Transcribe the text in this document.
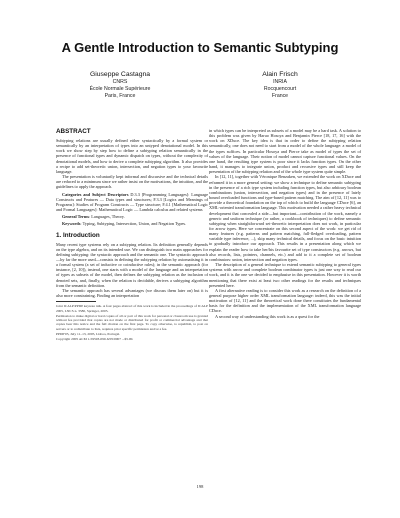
A Gentle Introduction to Semantic Subtyping
Giuseppe Castagna
CNRS
École Normale Supérieure
Paris, France
Alain Frisch
INRIA
Rocquencourt
France
ABSTRACT

Subtyping relations are usually defined either syntactically by a formal system or semantically by an interpretation of types into an untyped denotational model. In this work we show step by step how to define a subtyping relation semantically in the presence of functional types and dynamic dispatch on types, without the complexity of denotational models, and how to derive a complete subtyping algorithm. It also provides a recipe to add set-theoretic union, intersection, and negation types to your favourite language.

The presentation is voluntarily kept informal and discursive and the technical details are reduced to a minimum since we rather insist on the motivations, the intuition, and the guidelines to apply the approach.

Categories and Subject Descriptors D.3.3 [Programming Languages]: Language Constructs and Features — Data types and structures; F.3.3 [Logics and Meanings of Programs]: Studies of Program Constructs — Type structure; F.4.1 [Mathematical Logic and Formal Languages]: Mathematical Logic — Lambda calculus and related systems

General Terms: Languages, Theory.

Keywords: Typing, Subtyping, Intersection, Union, and Negation Types.

1. Introduction

Many recent type systems rely on a subtyping relation. Its definition generally depends on the type algebra, and on its intended use. We can distinguish two main approaches for defining subtyping: the syntactic approach and the semantic one. The syntactic approach—by far the more used—consists in defining the subtyping relation by axiomatising it in a formal system (a set of inductive or coinductive rules); in the semantic approach (for instance, [2, 10]), instead, one starts with a model of the language and an interpretation of types as subsets of the model, then defines the subtyping relation as the inclusion of denoted sets, and, finally, when the relation is decidable, derives a subtyping algorithm from the semantic definition.

The semantic approach has several advantages (we discuss them later on) but it is also more constraining. Finding an interpretation

Joint ICALP/PPDP keynote talk. A four pages abstract of this work is included in the proceedings of ICALP 2005, LNCS n. 3580, Springer, 2005.

Permission to make digital or hard copies of all or part of this work for personal or classroom use is granted without fee provided that copies are not made or distributed for profit or commercial advantage and that copies bear this notice and the full citation on the first page. To copy otherwise, to republish, to post on servers or to redistribute to lists, requires prior specific permission and/or a fee.

PPDP'05, July 11–13, 2005, Lisboa, Portugal.

Copyright 2005 ACM 1-59593-090-6/05/0007 ...$5.00.

in which types can be interpreted as subsets of a model may be a hard task. A solution to this problem was given by Haruo Hosoya and Benjamin Pierce [18, 17, 16] with the work on XDuce. The key idea is that in order to define the subtyping relation semantically, one does not need to start from a model of the whole language: a model of the types suffices. In particular Hosoya and Pierce take as model of types the set of values of the language. Their notion of model cannot capture functional values. On the one hand, the resulting type system is poor since it lacks function types. On the other hand, it manages to integrate union, product and recursive types and still keep the presentation of the subtyping relation and of the whole type system quite simple.

In [12, 11], together with Véronique Benzaken, we extended the work on XDuce and reframed it in a more general setting: we show a technique to define semantic subtyping in the presence of a rich type system including function types, but also arbitrary boolean combinations (union, intersection, and negation types) and in the presence of lately bound overloaded functions and type-based pattern matching. The aim of [12, 11] was to provide a theoretical foundation on the top of which to build the language CDuce [6], an XML-oriented transformation language. This motivation needed a rather heavy technical development that concealed a side—but important—contribution of the work, namely a generic and uniform technique (or rather, a cookbook of techniques) to define semantic subtyping when straightforward set-theoretic interpretation does not work, in particular for arrow types. Here we concentrate on this second aspect of the work: we get rid of many features (e.g. patterns and pattern matching, full-fledged overloading, pattern variable type inference, ...), skip many technical details, and focus on the basic intuition to gradually introduce our approach. This results in a presentation along which we explain the reader how to take her/his favourite set of type constructors (e.g. arrows, but also records, lists, pointers, channels, etc.) and add to it a complete set of boolean combinators: union, intersection and negation types.

The description of a general technique to extend semantic subtyping to general types systems with arrow and complete boolean combinator types is just one way to read our work, and it is the one we decided to emphasise in this presentation. However it is worth mentioning that there exist at least two other readings for the results and techniques presented here.

A first alternative reading is to consider this work as a research on the definition of a general purpose higher order XML transformation language: indeed, this was the initial motivation of [12, 11] and the theoretical work done there constitutes the fundamental basis for the definition and the implementation of the XML transformation language CDuce.

A second way of understanding this work is as a quest for the

198
